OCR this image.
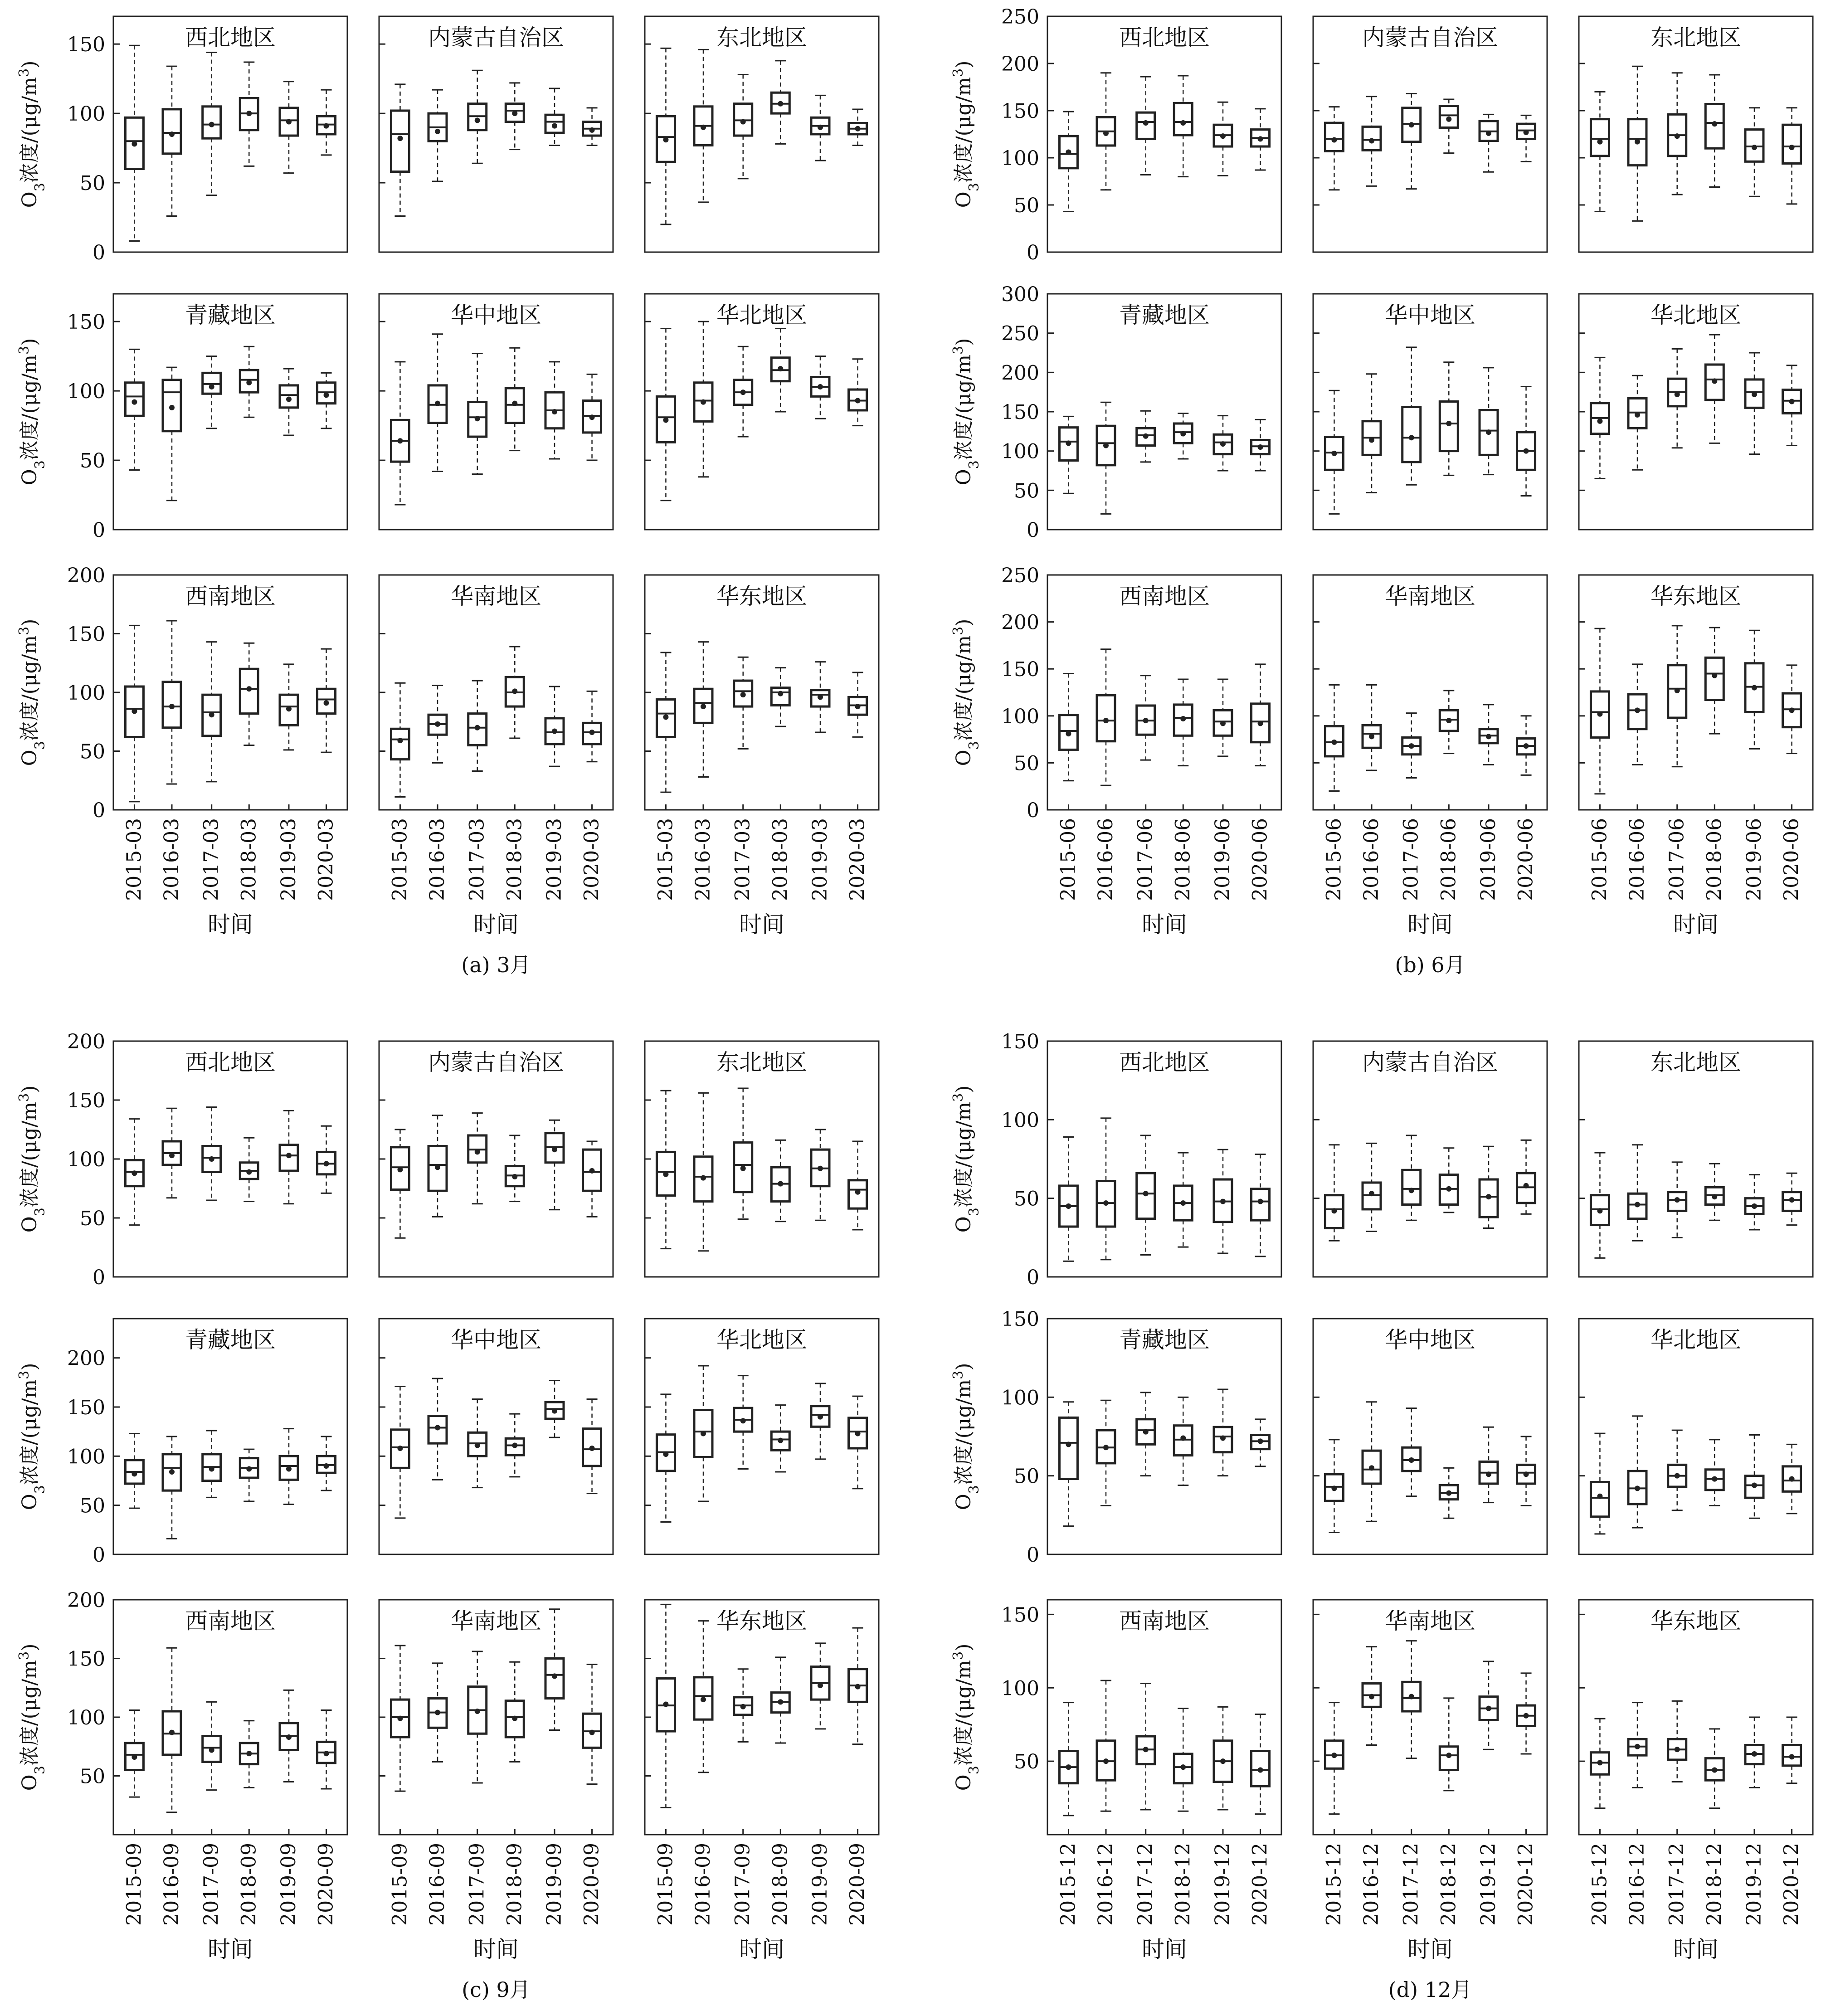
西北地区
0
50
100
150
$O_3$浓度$/(\mu g/m^3)$
内蒙古自治区	东北地区
青藏地区
0
50
100
150
$O_3$浓度$/(\mu g/m^3)$
华中地区	华北地区
西南地区
0
50
100
150
200
$O_3$浓度$/(\mu g/m^3)$
2015-03 2016-03 2017-03 2018-03 2019-03 2020-03
时间
华南地区
2015-03 2016-03 2017-03 2018-03 2019-03 2020-03
时间
华东地区
2015-03 2016-03 2017-03 2018-03 2019-03 2020-03
时间
(a) 3月
西北地区
0
50
100
150
200
250
$O_3$浓度$/(\mu g/m^3)$
内蒙古自治区	东北地区
青藏地区
0
50
100
150
200
250
300
$O_3$浓度$/(\mu g/m^3)$
华中地区	华北地区
西南地区
0
50
100
150
200
250
$O_3$浓度$/(\mu g/m^3)$
2015-06 2016-06 2017-06 2018-06 2019-06 2020-06
时间
华南地区
2015-06 2016-06 2017-06 2018-06 2019-06 2020-06
时间
华东地区
2015-06 2016-06 2017-06 2018-06 2019-06 2020-06
时间
(b) 6月
西北地区
0
50
100
150
200
$O_3$浓度$/(\mu g/m^3)$
内蒙古自治区	东北地区
青藏地区
0
50
100
150
200
$O_3$浓度$/(\mu g/m^3)$
华中地区	华北地区
西南地区
50
100
150
200
$O_3$浓度$/(\mu g/m^3)$
2015-09 2016-09 2017-09 2018-09 2019-09 2020-09
时间
华南地区
2015-09 2016-09 2017-09 2018-09 2019-09 2020-09
时间
华东地区
2015-09 2016-09 2017-09 2018-09 2019-09 2020-09
时间
(c) 9月
西北地区
0
50
100
150
$O_3$浓度$/(\mu g/m^3)$
内蒙古自治区	东北地区
青藏地区
0
50
100
150
$O_3$浓度$/(\mu g/m^3)$
华中地区	华北地区
西南地区
50
100
150
$O_3$浓度$/(\mu g/m^3)$
2015-12 2016-12 2017-12 2018-12 2019-12 2020-12
时间
华南地区
2015-12 2016-12 2017-12 2018-12 2019-12 2020-12
时间
华东地区
2015-12 2016-12 2017-12 2018-12 2019-12 2020-12
时间
(d) 12月
